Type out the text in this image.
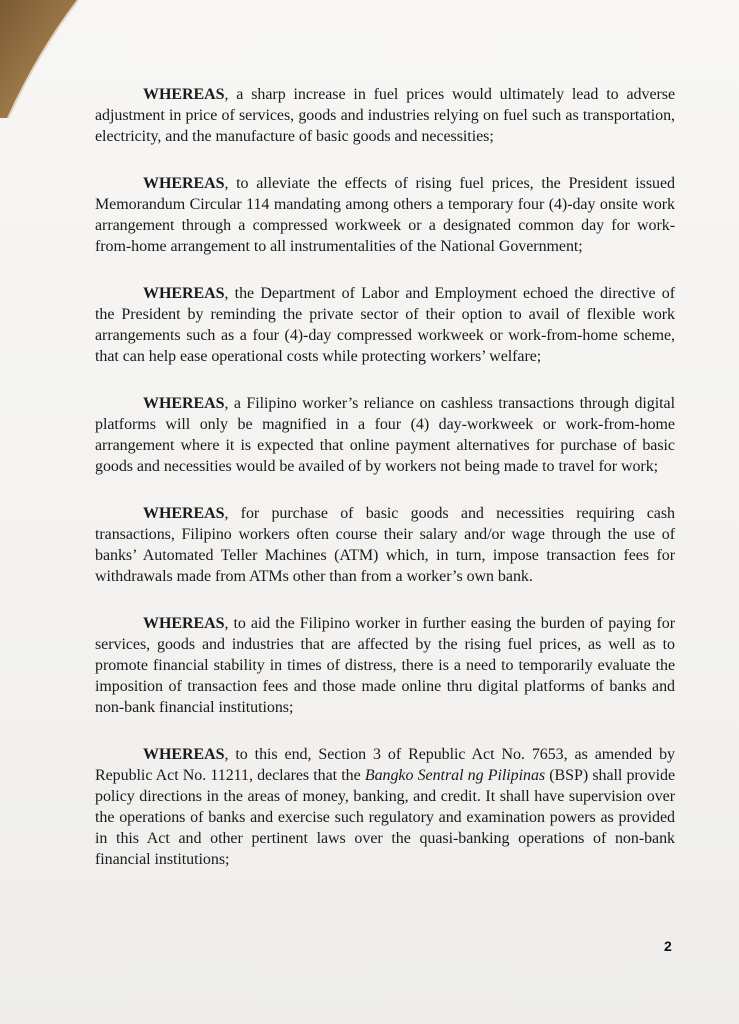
WHEREAS, a sharp increase in fuel prices would ultimately lead to adverse adjustment in price of services, goods and industries relying on fuel such as transportation, electricity, and the manufacture of basic goods and necessities;

WHEREAS, to alleviate the effects of rising fuel prices, the President issued Memorandum Circular 114 mandating among others a temporary four (4)-day onsite work arrangement through a compressed workweek or a designated common day for work-from-home arrangement to all instrumentalities of the National Government;

WHEREAS, the Department of Labor and Employment echoed the directive of the President by reminding the private sector of their option to avail of flexible work arrangements such as a four (4)-day compressed workweek or work-from-home scheme, that can help ease operational costs while protecting workers’ welfare;

WHEREAS, a Filipino worker’s reliance on cashless transactions through digital platforms will only be magnified in a four (4) day-workweek or work-from-home arrangement where it is expected that online payment alternatives for purchase of basic goods and necessities would be availed of by workers not being made to travel for work;

WHEREAS, for purchase of basic goods and necessities requiring cash transactions, Filipino workers often course their salary and/or wage through the use of banks’ Automated Teller Machines (ATM) which, in turn, impose transaction fees for withdrawals made from ATMs other than from a worker’s own bank.

WHEREAS, to aid the Filipino worker in further easing the burden of paying for services, goods and industries that are affected by the rising fuel prices, as well as to promote financial stability in times of distress, there is a need to temporarily evaluate the imposition of transaction fees and those made online thru digital platforms of banks and non-bank financial institutions;

WHEREAS, to this end, Section 3 of Republic Act No. 7653, as amended by Republic Act No. 11211, declares that the Bangko Sentral ng Pilipinas (BSP) shall provide policy directions in the areas of money, banking, and credit. It shall have supervision over the operations of banks and exercise such regulatory and examination powers as provided in this Act and other pertinent laws over the quasi-banking operations of non-bank financial institutions;

2
